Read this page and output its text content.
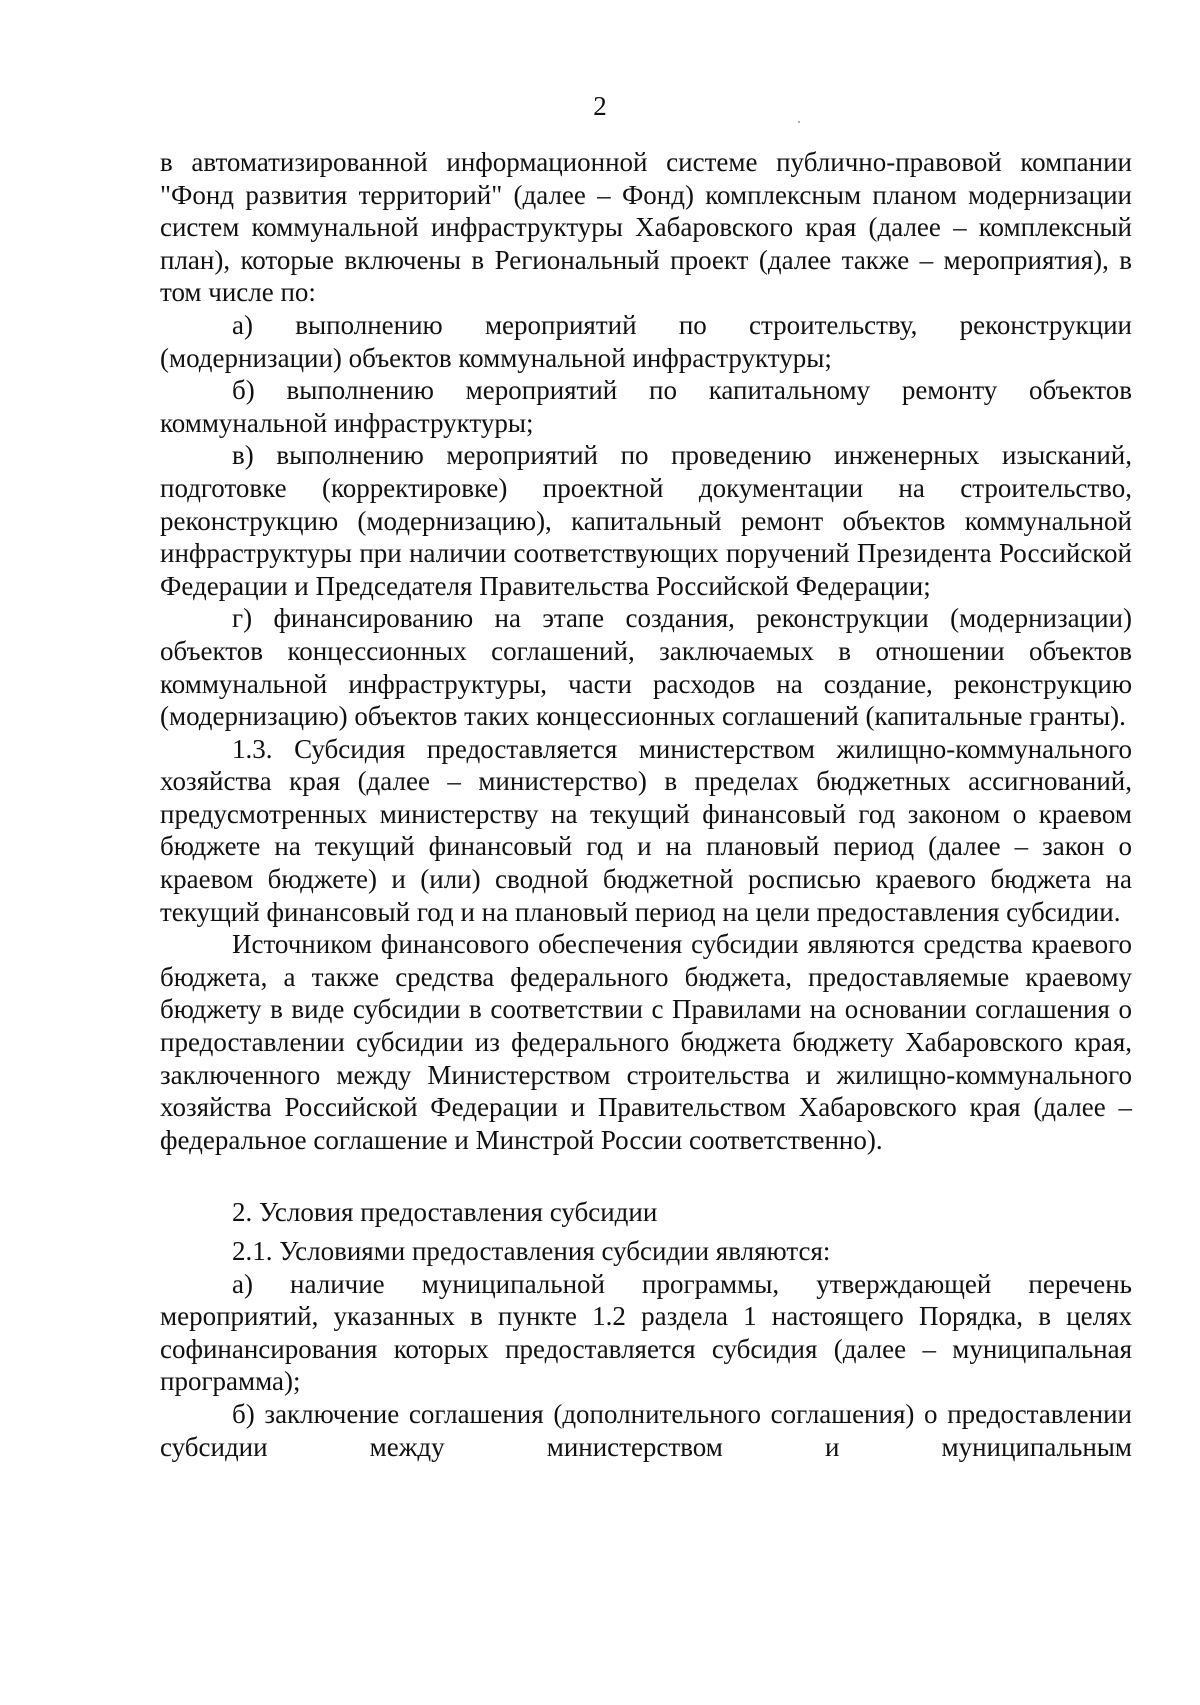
2

в автоматизированной информационной системе публично-правовой компании "Фонд развития территорий" (далее – Фонд) комплексным планом модернизации систем коммунальной инфраструктуры Хабаровского края (далее – комплексный план), которые включены в Региональный проект (далее также – мероприятия), в том числе по:

а) выполнению мероприятий по строительству, реконструкции (модернизации) объектов коммунальной инфраструктуры;

б) выполнению мероприятий по капитальному ремонту объектов коммунальной инфраструктуры;

в) выполнению мероприятий по проведению инженерных изысканий, подготовке (корректировке) проектной документации на строительство, реконструкцию (модернизацию), капитальный ремонт объектов коммунальной инфраструктуры при наличии соответствующих поручений Президента Российской Федерации и Председателя Правительства Российской Федерации;

г) финансированию на этапе создания, реконструкции (модернизации) объектов концессионных соглашений, заключаемых в отношении объектов коммунальной инфраструктуры, части расходов на создание, реконструкцию (модернизацию) объектов таких концессионных соглашений (капитальные гранты).

1.3. Субсидия предоставляется министерством жилищно-коммунального хозяйства края (далее – министерство) в пределах бюджетных ассигнований, предусмотренных министерству на текущий финансовый год законом о краевом бюджете на текущий финансовый год и на плановый период (далее – закон о краевом бюджете) и (или) сводной бюджетной росписью краевого бюджета на текущий финансовый год и на плановый период на цели предоставления субсидии.

Источником финансового обеспечения субсидии являются средства краевого бюджета, а также средства федерального бюджета, предоставляемые краевому бюджету в виде субсидии в соответствии с Правилами на основании соглашения о предоставлении субсидии из федерального бюджета бюджету Хабаровского края, заключенного между Министерством строительства и жилищно-коммунального хозяйства Российской Федерации и Правительством Хабаровского края (далее – федеральное соглашение и Минстрой России соответственно).

2. Условия предоставления субсидии

2.1. Условиями предоставления субсидии являются:

а) наличие муниципальной программы, утверждающей перечень мероприятий, указанных в пункте 1.2 раздела 1 настоящего Порядка, в целях софинансирования которых предоставляется субсидия (далее – муниципальная программа);

б) заключение соглашения (дополнительного соглашения) о предоставлении субсидии между министерством и муниципальным
